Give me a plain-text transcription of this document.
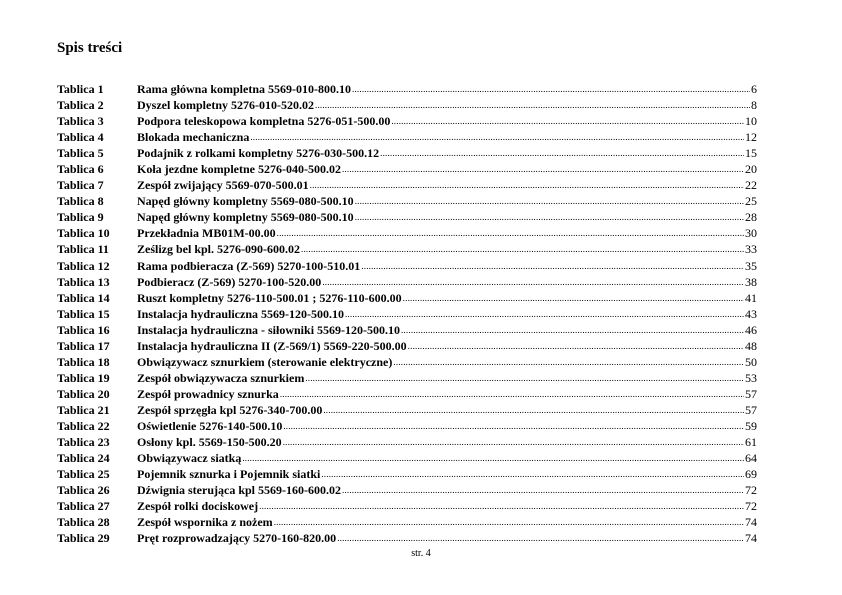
Spis treści
Tablica 1	Rama główna kompletna 5569-010-800.10 .....	6
Tablica 2	Dyszel kompletny 5276-010-520.02 .....	8
Tablica 3	Podpora teleskopowa kompletna 5276-051-500.00 .....	10
Tablica 4	Blokada mechaniczna .....	12
Tablica 5	Podajnik z rolkami kompletny 5276-030-500.12 .....	15
Tablica 6	Koła jezdne kompletne 5276-040-500.02 .....	20
Tablica 7	Zespół zwijający 5569-070-500.01 .....	22
Tablica 8	Napęd główny kompletny 5569-080-500.10 .....	25
Tablica 9	Napęd główny kompletny 5569-080-500.10 .....	28
Tablica 10	Przekładnia MB01M-00.00 .....	30
Tablica 11	Ześlizg bel kpl. 5276-090-600.02 .....	33
Tablica 12	Rama podbieracza (Z-569) 5270-100-510.01 .....	35
Tablica 13	Podbieracz (Z-569) 5270-100-520.00 .....	38
Tablica 14	Ruszt kompletny 5276-110-500.01 ; 5276-110-600.00 .....	41
Tablica 15	Instalacja hydrauliczna 5569-120-500.10 .....	43
Tablica 16	Instalacja hydrauliczna - siłowniki 5569-120-500.10 .....	46
Tablica 17	Instalacja hydrauliczna II (Z-569/1) 5569-220-500.00 .....	48
Tablica 18	Obwiązywacz sznurkiem (sterowanie elektryczne) .....	50
Tablica 19	Zespół obwiązywacza sznurkiem .....	53
Tablica 20	Zespół prowadnicy sznurka .....	57
Tablica 21	Zespół sprzęgła kpl 5276-340-700.00 .....	57
Tablica 22	Oświetlenie 5276-140-500.10 .....	59
Tablica 23	Osłony kpl. 5569-150-500.20 .....	61
Tablica 24	Obwiązywacz siatką .....	64
Tablica 25	Pojemnik sznurka i Pojemnik siatki .....	69
Tablica 26	Dźwignia sterująca kpl 5569-160-600.02 .....	72
Tablica 27	Zespół rolki dociskowej .....	72
Tablica 28	Zespół wspornika z nożem .....	74
Tablica 29	Pręt rozprowadzający 5270-160-820.00 .....	74
str. 4
